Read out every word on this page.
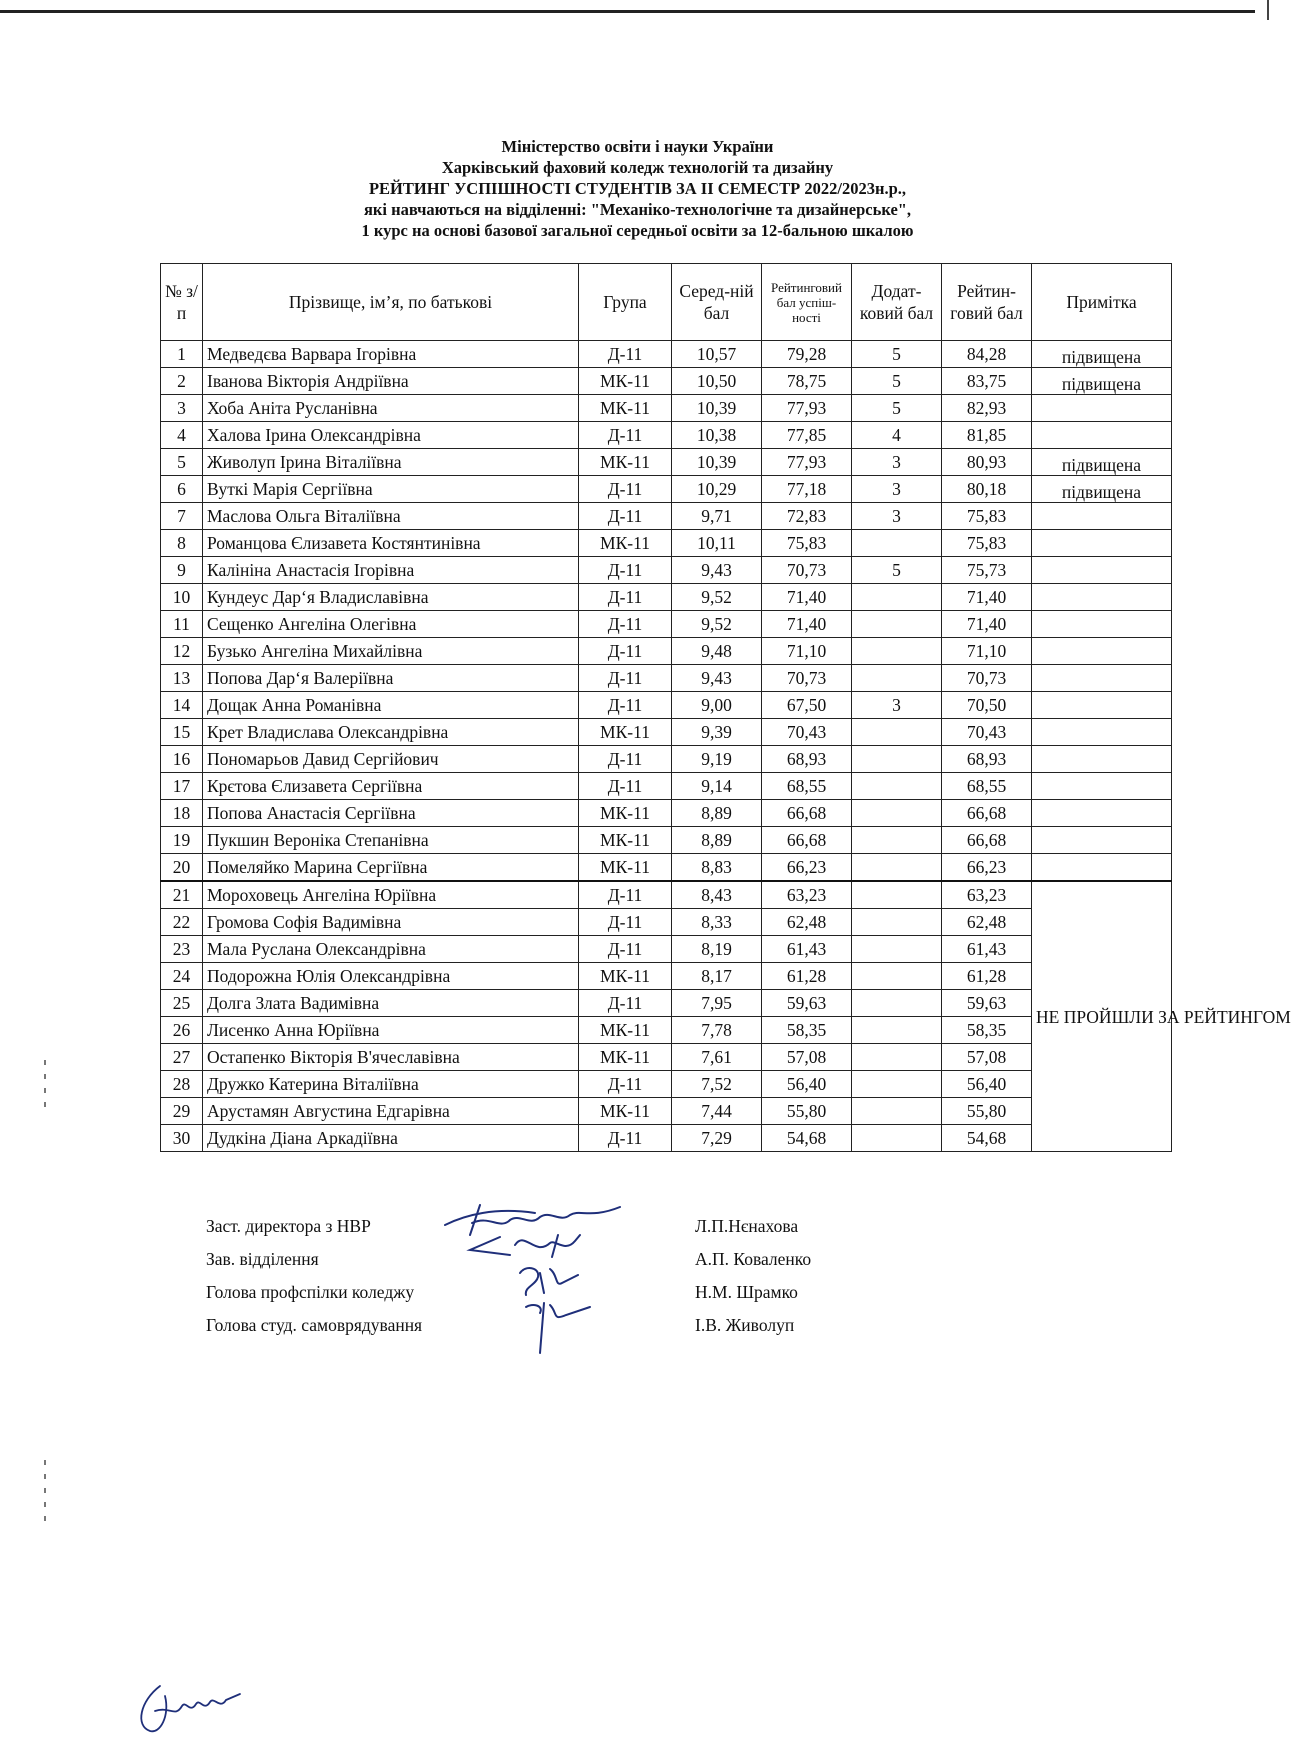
Міністерство освіти і науки України
Харківський фаховий коледж технологій та дизайну
РЕЙТИНГ УСПІШНОСТІ СТУДЕНТІВ ЗА ІІ СЕМЕСТР 2022/2023н.р.,
які навчаються на відділенні: "Механіко-технологічне та дизайнерське",
1 курс на основі базової загальної середньої освіти за 12-бальною шкалою
№ з/п	Прізвище, ім’я, по батькові	Група	Серед-ній бал	Рейтинговий бал успіш-ності	Додат-ковий бал	Рейтин-говий бал	Примітка
1	Медведєва Варвара Ігорівна	Д-11	10,57	79,28	5	84,28	підвищена
2	Іванова Вікторія Андріївна	МК-11	10,50	78,75	5	83,75	підвищена
3	Хоба Аніта Русланівна	МК-11	10,39	77,93	5	82,93	
4	Халова Ірина Олександрівна	Д-11	10,38	77,85	4	81,85	
5	Живолуп Ірина Віталіївна	МК-11	10,39	77,93	3	80,93	підвищена
6	Вуткі Марія Сергіївна	Д-11	10,29	77,18	3	80,18	підвищена
7	Маслова Ольга Віталіївна	Д-11	9,71	72,83	3	75,83	
8	Романцова Єлизавета Костянтинівна	МК-11	10,11	75,83		75,83	
9	Калініна Анастасія Ігорівна	Д-11	9,43	70,73	5	75,73	
10	Кундеус Дар‘я Владиславівна	Д-11	9,52	71,40		71,40	
11	Сещенко Ангеліна Олегівна	Д-11	9,52	71,40		71,40	
12	Бузько Ангеліна Михайлівна	Д-11	9,48	71,10		71,10	
13	Попова Дар‘я Валеріївна	Д-11	9,43	70,73		70,73	
14	Дощак Анна Романівна	Д-11	9,00	67,50	3	70,50	
15	Крет Владислава Олександрівна	МК-11	9,39	70,43		70,43	
16	Пономарьов Давид Сергійович	Д-11	9,19	68,93		68,93	
17	Крєтова Єлизавета Сергіївна	Д-11	9,14	68,55		68,55	
18	Попова Анастасія Сергіївна	МК-11	8,89	66,68		66,68	
19	Пукшин Вероніка Степанівна	МК-11	8,89	66,68		66,68	
20	Помеляйко Марина Сергіївна	МК-11	8,83	66,23		66,23	
21	Мороховець Ангеліна Юріївна	Д-11	8,43	63,23		63,23	НЕ ПРОЙШЛИ ЗА РЕЙТИНГОМ
22	Громова Софія Вадимівна	Д-11	8,33	62,48		62,48	
23	Мала Руслана Олександрівна	Д-11	8,19	61,43		61,43	
24	Подорожна Юлія Олександрівна	МК-11	8,17	61,28		61,28	
25	Долга Злата Вадимівна	Д-11	7,95	59,63		59,63	
26	Лисенко Анна Юріївна	МК-11	7,78	58,35		58,35	
27	Остапенко Вікторія В'ячеславівна	МК-11	7,61	57,08		57,08	
28	Дружко Катерина Віталіївна	Д-11	7,52	56,40		56,40	
29	Арустамян Августина Едгарівна	МК-11	7,44	55,80		55,80	
30	Дудкіна Діана Аркадіївна	Д-11	7,29	54,68		54,68	
Заст. директора з НВР
Зав. відділення
Голова профспілки коледжу
Голова студ. самоврядування
Л.П.Нєнахова
А.П. Коваленко
Н.М. Шрамко
І.В. Живолуп
